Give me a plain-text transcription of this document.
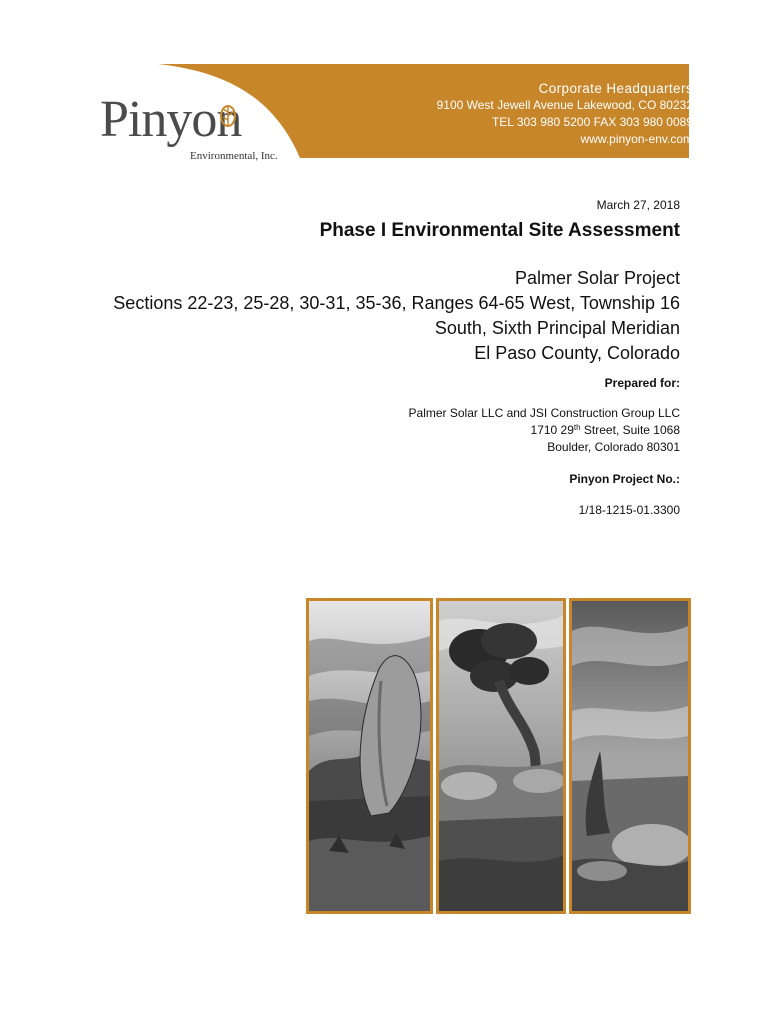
Corporate Headquarters
9100 West Jewell Avenue Lakewood, CO 80232
TEL 303 980 5200 FAX 303 980 0089
www.pinyon-env.com
Pinyon
Environmental, Inc.
March 27, 2018
Phase I Environmental Site Assessment
Palmer Solar Project
Sections 22-23, 25-28, 30-31, 35-36, Ranges 64-65 West, Township 16
South, Sixth Principal Meridian
El Paso County, Colorado
Prepared for:
Palmer Solar LLC and JSI Construction Group LLC
1710 29th Street, Suite 1068
Boulder, Colorado 80301
Pinyon Project No.:
1/18-1215-01.3300
